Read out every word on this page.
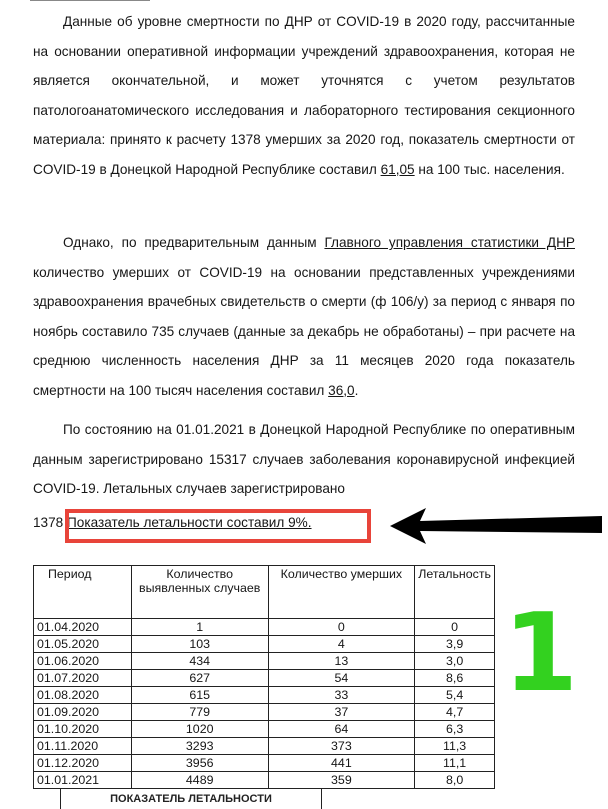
Данные об уровне смертности по ДНР от COVID-19 в 2020 году, рассчитанные на основании оперативной информации учреждений здравоохранения, которая не является окончательной, и может уточнятся с учетом результатов патологоанатомического исследования и лабораторного тестирования секционного материала: принято к расчету 1378 умерших за 2020 год, показатель смертности от COVID-19 в Донецкой Народной Республике составил 61,05 на 100 тыс. населения.

Однако, по предварительным данным Главного управления статистики ДНР количество умерших от COVID-19 на основании представленных учреждениями здравоохранения врачебных свидетельств о смерти (ф 106/у) за период с января по ноябрь составило 735 случаев (данные за декабрь не обработаны) – при расчете на среднюю численность населения ДНР за 11 месяцев 2020 года показатель смертности на 100 тысяч населения составил 36,0.

По состоянию на 01.01.2021 в Донецкой Народной Республике по оперативным данным зарегистрировано 15317 случаев заболевания коронавирусной инфекцией COVID-19. Летальных случаев зарегистрировано

1378 Показатель летальности составил 9%.
1
Период	Количество выявленных случаев	Количество умерших	Летальность
01.04.2020	1	0	0
01.05.2020	103	4	3,9
01.06.2020	434	13	3,0
01.07.2020	627	54	8,6
01.08.2020	615	33	5,4
01.09.2020	779	37	4,7
01.10.2020	1020	64	6,3
01.11.2020	3293	373	11,3
01.12.2020	3956	441	11,1
01.01.2021	4489	359	8,0
ПОКАЗАТЕЛЬ ЛЕТАЛЬНОСТИ
